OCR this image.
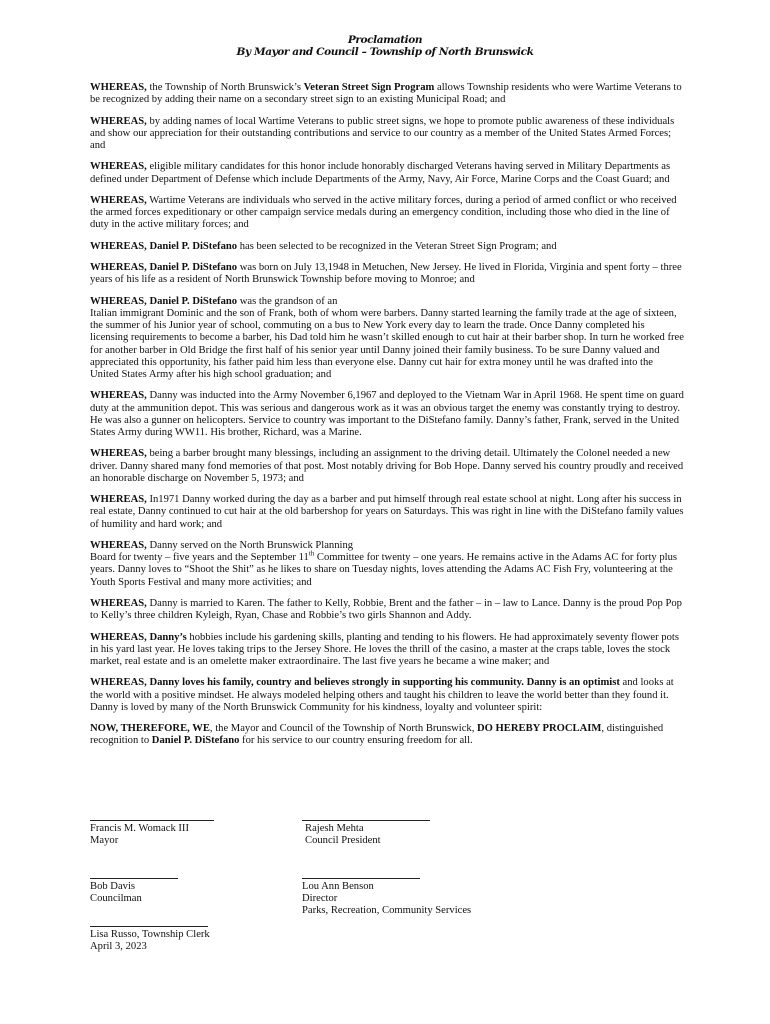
Proclamation
By Mayor and Council – Township of North Brunswick

WHEREAS, the Township of North Brunswick’s Veteran Street Sign Program allows Township residents who were Wartime Veterans to be recognized by adding their name on a secondary street sign to an existing Municipal Road; and

WHEREAS, by adding names of local Wartime Veterans to public street signs, we hope to promote public awareness of these individuals and show our appreciation for their outstanding contributions and service to our country as a member of the United States Armed Forces; and

WHEREAS, eligible military candidates for this honor include honorably discharged Veterans having served in Military Departments as defined under Department of Defense which include Departments of the Army, Navy, Air Force, Marine Corps and the Coast Guard; and

WHEREAS, Wartime Veterans are individuals who served in the active military forces, during a period of armed conflict or who received the armed forces expeditionary or other campaign service medals during an emergency condition, including those who died in the line of duty in the active military forces; and

WHEREAS, Daniel P. DiStefano has been selected to be recognized in the Veteran Street Sign Program; and

WHEREAS, Daniel P. DiStefano was born on July 13,1948 in Metuchen, New Jersey. He lived in Florida, Virginia and spent forty – three years of his life as a resident of North Brunswick Township before moving to Monroe; and

WHEREAS, Daniel P. DiStefano was the grandson of an
Italian immigrant Dominic and the son of Frank, both of whom were barbers. Danny started learning the family trade at the age of sixteen, the summer of his Junior year of school, commuting on a bus to New York every day to learn the trade. Once Danny completed his licensing requirements to become a barber, his Dad told him he wasn’t skilled enough to cut hair at their barber shop. In turn he worked free for another barber in Old Bridge the first half of his senior year until Danny joined their family business. To be sure Danny valued and appreciated this opportunity, his father paid him less than everyone else. Danny cut hair for extra money until he was drafted into the United States Army after his high school graduation; and

WHEREAS, Danny was inducted into the Army November 6,1967 and deployed to the Vietnam War in April 1968. He spent time on guard duty at the ammunition depot. This was serious and dangerous work as it was an obvious target the enemy was constantly trying to destroy. He was also a gunner on helicopters. Service to country was important to the DiStefano family. Danny’s father, Frank, served in the United States Army during WW11. His brother, Richard, was a Marine.

WHEREAS, being a barber brought many blessings, including an assignment to the driving detail. Ultimately the Colonel needed a new driver. Danny shared many fond memories of that post. Most notably driving for Bob Hope. Danny served his country proudly and received an honorable discharge on November 5, 1973; and

WHEREAS, In1971 Danny worked during the day as a barber and put himself through real estate school at night. Long after his success in real estate, Danny continued to cut hair at the old barbershop for years on Saturdays. This was right in line with the DiStefano family values of humility and hard work; and

WHEREAS, Danny served on the North Brunswick Planning
Board for twenty – five years and the September 11th Committee for twenty – one years. He remains active in the Adams AC for forty plus years. Danny loves to “Shoot the Shit” as he likes to share on Tuesday nights, loves attending the Adams AC Fish Fry, volunteering at the Youth Sports Festival and many more activities; and

WHEREAS, Danny is married to Karen. The father to Kelly, Robbie, Brent and the father – in – law to Lance. Danny is the proud Pop Pop to Kelly’s three children Kyleigh, Ryan, Chase and Robbie’s two girls Shannon and Addy.

WHEREAS, Danny’s hobbies include his gardening skills, planting and tending to his flowers. He had approximately seventy flower pots in his yard last year. He loves taking trips to the Jersey Shore. He loves the thrill of the casino, a master at the craps table, loves the stock market, real estate and is an omelette maker extraordinaire. The last five years he became a wine maker; and

WHEREAS, Danny loves his family, country and believes strongly in supporting his community. Danny is an optimist and looks at the world with a positive mindset. He always modeled helping others and taught his children to leave the world better than they found it. Danny is loved by many of the North Brunswick Community for his kindness, loyalty and volunteer spirit:

NOW, THEREFORE, WE, the Mayor and Council of the Township of North Brunswick, DO HEREBY PROCLAIM, distinguished recognition to Daniel P. DiStefano for his service to our country ensuring freedom for all.

Francis M. Womack III
Mayor
Rajesh Mehta
Council President
Bob Davis
Councilman
Lou Ann Benson
Director
Parks, Recreation, Community Services
Lisa Russo, Township Clerk
April 3, 2023
